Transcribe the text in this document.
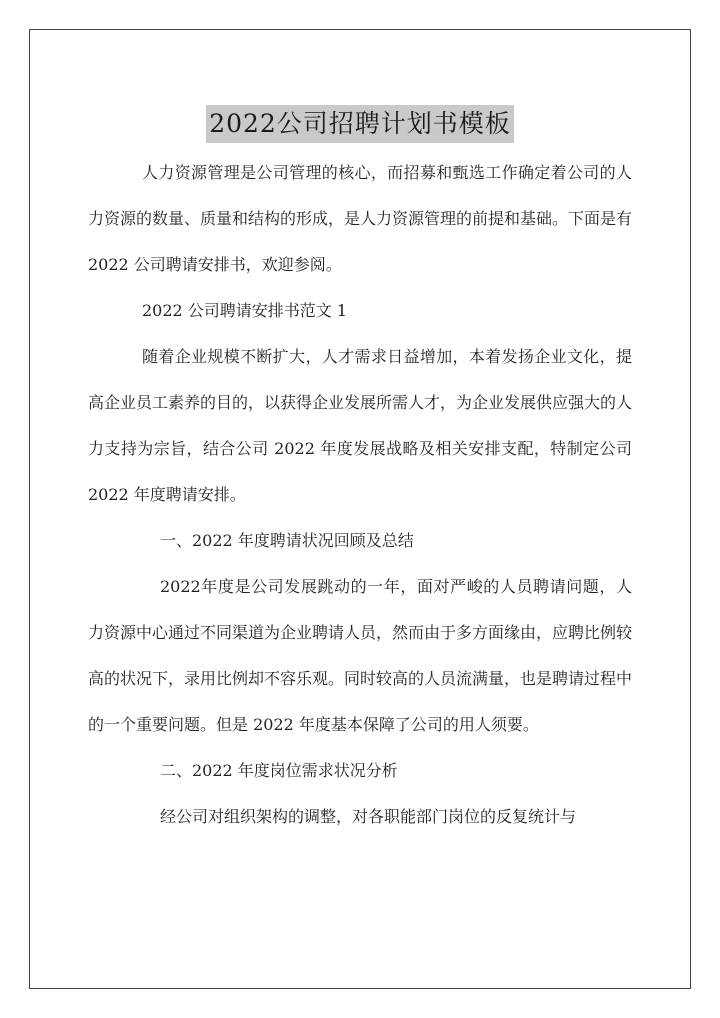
2022公司招聘计划书模板

人力资源管理是公司管理的核心，而招募和甄选工作确定着公司的人力资源的数量、质量和结构的形成，是人力资源管理的前提和基础。下面是有 2022 公司聘请安排书，欢迎参阅。

2022 公司聘请安排书范文 1

随着企业规模不断扩大，人才需求日益增加，本着发扬企业文化，提高企业员工素养的目的，以获得企业发展所需人才，为企业发展供应强大的人力支持为宗旨，结合公司 2022 年度发展战略及相关安排支配，特制定公司 2022 年度聘请安排。

一、2022 年度聘请状况回顾及总结

2022年度是公司发展跳动的一年，面对严峻的人员聘请问题，人力资源中心通过不同渠道为企业聘请人员，然而由于多方面缘由，应聘比例较高的状况下，录用比例却不容乐观。同时较高的人员流满量，也是聘请过程中的一个重要问题。但是 2022 年度基本保障了公司的用人须要。

二、2022 年度岗位需求状况分析

经公司对组织架构的调整，对各职能部门岗位的反复统计与
